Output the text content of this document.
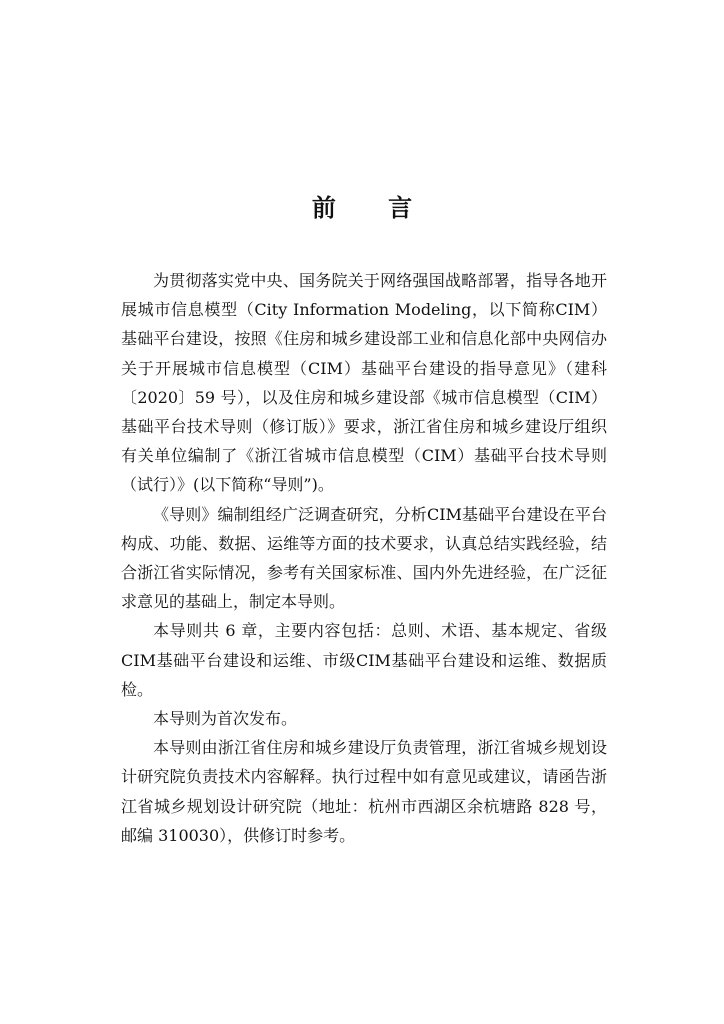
前 言

为贯彻落实党中央、国务院关于网络强国战略部署，指导各地开展城市信息模型（City Information Modeling，以下简称CIM）基础平台建设，按照《住房和城乡建设部工业和信息化部中央网信办关于开展城市信息模型（CIM）基础平台建设的指导意见》（建科〔2020〕59 号），以及住房和城乡建设部《城市信息模型（CIM）基础平台技术导则（修订版）》要求，浙江省住房和城乡建设厅组织有关单位编制了《浙江省城市信息模型（CIM）基础平台技术导则（试行）》(以下简称“导则”)。

《导则》编制组经广泛调查研究，分析CIM基础平台建设在平台构成、功能、数据、运维等方面的技术要求，认真总结实践经验，结合浙江省实际情况，参考有关国家标准、国内外先进经验，在广泛征求意见的基础上，制定本导则。

本导则共 6 章，主要内容包括：总则、术语、基本规定、省级CIM基础平台建设和运维、市级CIM基础平台建设和运维、数据质检。

本导则为首次发布。

本导则由浙江省住房和城乡建设厅负责管理，浙江省城乡规划设计研究院负责技术内容解释。执行过程中如有意见或建议，请函告浙江省城乡规划设计研究院（地址：杭州市西湖区余杭塘路 828 号，邮编 310030），供修订时参考。
